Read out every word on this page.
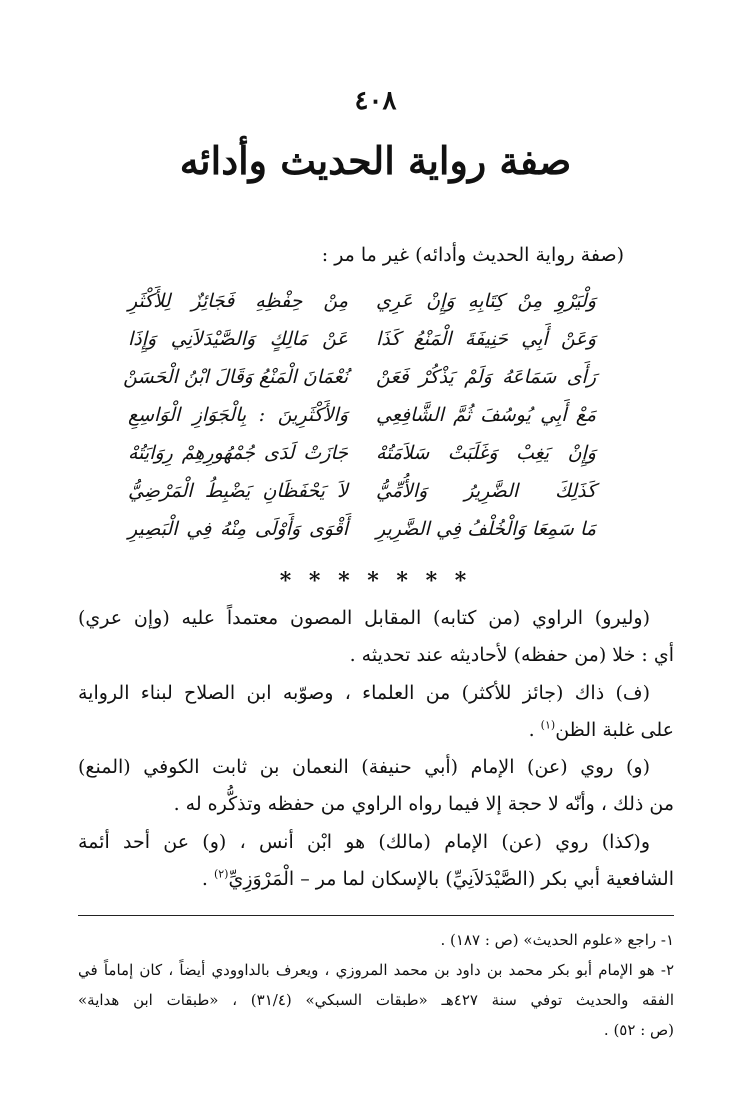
٤٠٨
صفة رواية الحديث وأدائه
(صفة رواية الحديث وأدائه) غير ما مر :
وَلْيَرْوِ مِنْ كِتَابِهِ وَإِنْ عَرِي
مِنْ حِفْظِهِ فَجَائِزٌ لِلأَكْثَرِ
وَعَنْ أَبِي حَنِيفَةَ الْمَنْعُ كَذَا
عَنْ مَالِكٍ وَالصَّيْدَلاَنِي وَإِذَا
رَأَى سَمَاعَهُ وَلَمْ يَذْكُرْ فَعَنْ
نُعْمَانَ الْمَنْعُ وَقَالَ ابْنُ الْحَسَنْ
مَعْ أَبِي يُوسُفَ ثُمَّ الشَّافِعِي
وَالأَكْثَرِينَ : بِالْجَوَازِ الْوَاسِعِ
وَإِنْ يَغِبْ وَغَلَبَتْ سَلاَمَتُهْ
جَازَتْ لَدَى جُمْهُورِهِمْ رِوَايَتُهْ
كَذَلِكَ الضَّرِيرُ وَالأُمِّيُّ
لاَ يَحْفَظَانِ يَضْبِطُ الْمَرْضِيُّ
مَا سَمِعَا وَالْخُلْفُ فِي الضَّرِيرِ
أَقْوَى وَأَوْلَى مِنْهُ فِي الْبَصِيرِ
* * * * * * *
(وليرو) الراوي (من كتابه) المقابل المصون معتمداً عليه (وإن عري)
أي : خلا (من حفظه) لأحاديثه عند تحديثه .
(ف) ذاك (جائز للأكثر) من العلماء ، وصوّبه ابن الصلاح لبناء الرواية
على غلبة الظن$^{(١)}$ .
(و) روي (عن) الإمام (أبي حنيفة) النعمان بن ثابت الكوفي (المنع)
من ذلك ، وأنّه لا حجة إلا فيما رواه الراوي من حفظه وتذكُّره له .
و(كذا) روي (عن) الإمام (مالك) هو ابْن أنس ، (و) عن أحد أئمة
الشافعية أبي بكر (الصَّيْدَلاَنِيِّ) بالإسكان لما مر – الْمَرْوَزِيِّ$^{(٢)}$ .
١- راجع «علوم الحديث» (ص : ١٨٧) .
٢- هو الإمام أبو بكر محمد بن داود بن محمد المروزي ، ويعرف بالداوودي أيضاً ، كان إماماً في
الفقه والحديث توفي سنة ٤٢٧هـ «طبقات السبكي» (٣١/٤) ، «طبقات ابن هداية»
(ص : ٥٢) .
